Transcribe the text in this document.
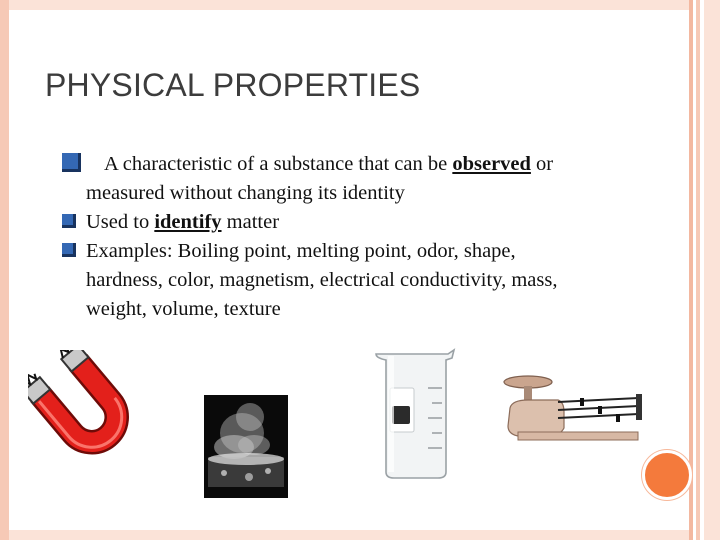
PHYSICAL PROPERTIES
A characteristic of a substance that can be observed or
measured without changing its identity
Used to identify matter
Examples: Boiling point, melting point, odor, shape,
hardness, color, magnetism, electrical conductivity, mass,
weight, volume, texture
